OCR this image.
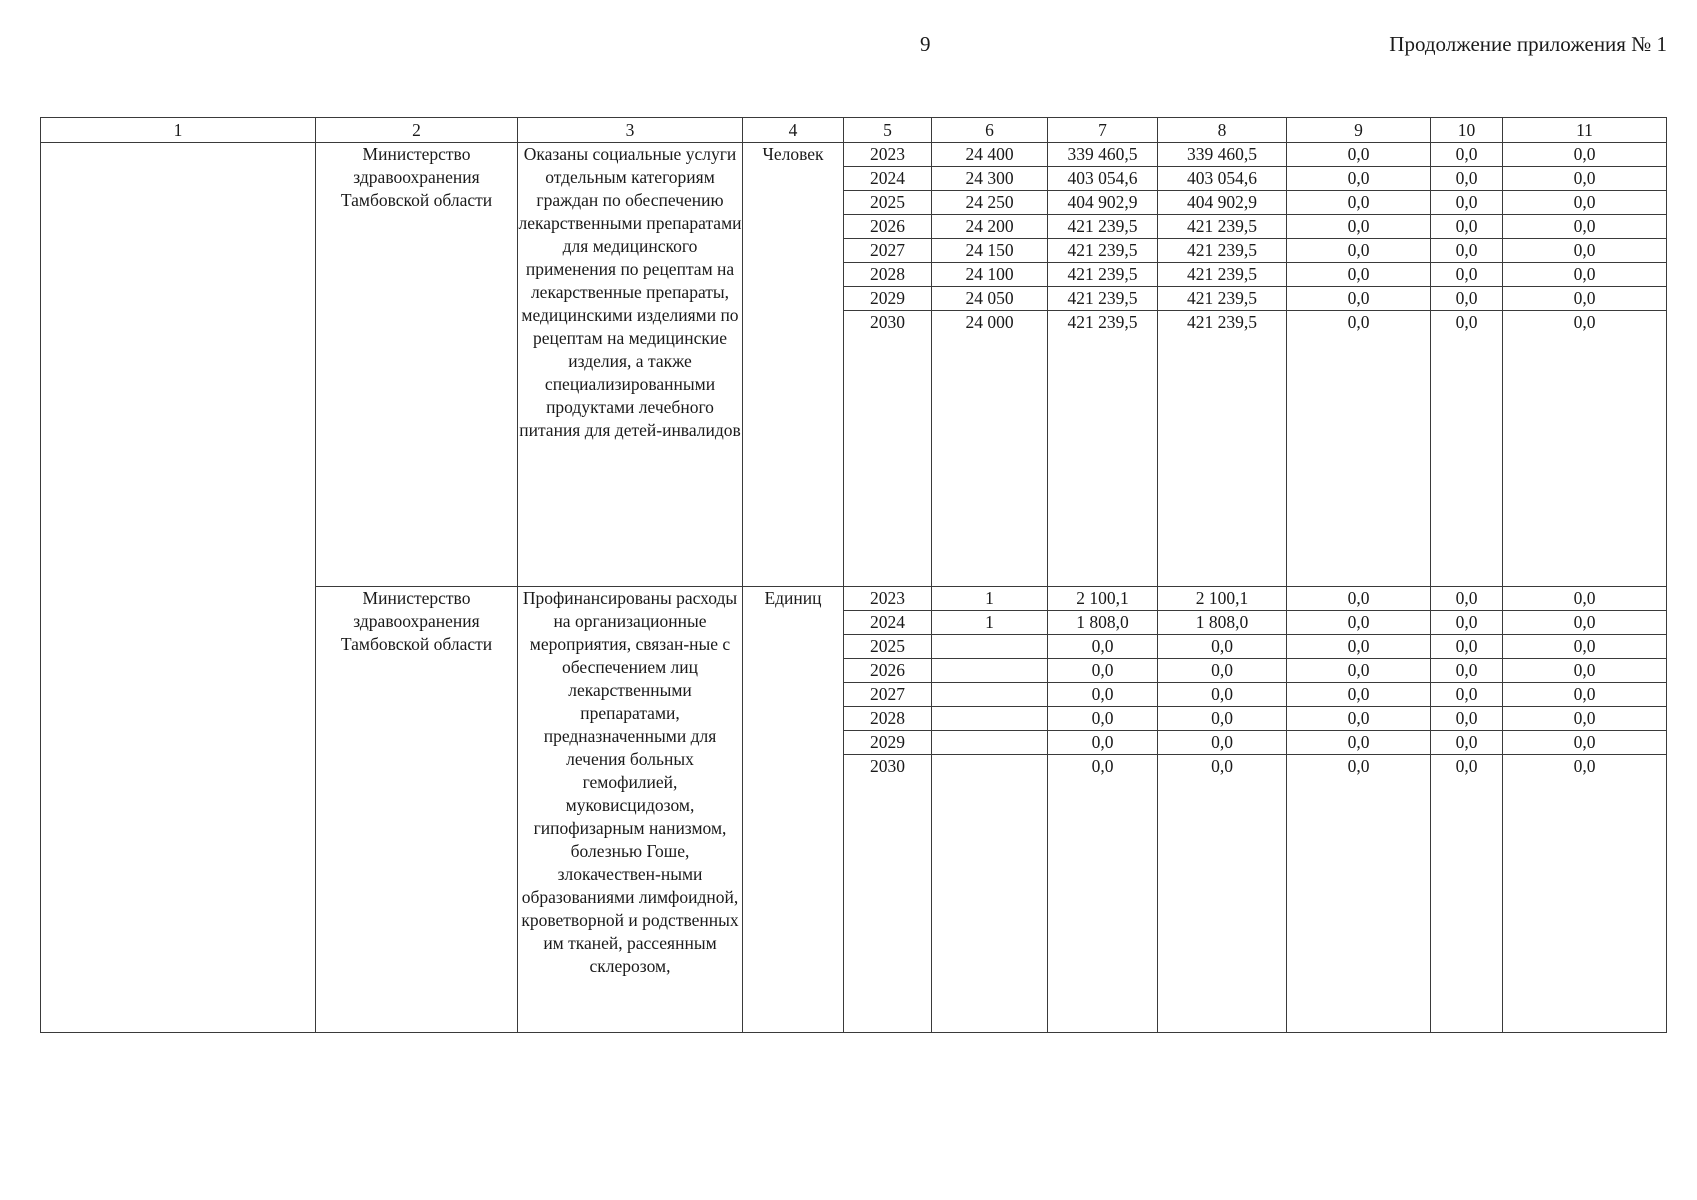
9	Продолжение приложения № 1
1	2	3	4	5	6	7	8	9	10	11
	Министерство здравоохранения Тамбовской области	Оказаны социальные услуги отдельным категориям граждан по обеспечению лекарственными препаратами для медицинского применения по рецептам на лекарственные препараты, медицинскими изделиями по рецептам на медицинские изделия, а также специализированными продуктами лечебного питания для детей-инвалидов	Человек	2023	24 400	339 460,5	339 460,5	0,0	0,0	0,0
				2024	24 300	403 054,6	403 054,6	0,0	0,0	0,0
				2025	24 250	404 902,9	404 902,9	0,0	0,0	0,0
				2026	24 200	421 239,5	421 239,5	0,0	0,0	0,0
				2027	24 150	421 239,5	421 239,5	0,0	0,0	0,0
				2028	24 100	421 239,5	421 239,5	0,0	0,0	0,0
				2029	24 050	421 239,5	421 239,5	0,0	0,0	0,0
				2030	24 000	421 239,5	421 239,5	0,0	0,0	0,0
	Министерство здравоохранения Тамбовской области	Профинансированы расходы на организационные мероприятия, связан-ные с обеспечением лиц лекарственными препаратами, предназначенными для лечения больных гемофилией, муковисцидозом, гипофизарным нанизмом, болезнью Гоше, злокачествен-ными образованиями лимфоидной, кроветворной и родственных им тканей, рассеянным склерозом,	Единиц	2023	1	2 100,1	2 100,1	0,0	0,0	0,0
				2024	1	1 808,0	1 808,0	0,0	0,0	0,0
				2025		0,0	0,0	0,0	0,0	0,0
				2026		0,0	0,0	0,0	0,0	0,0
				2027		0,0	0,0	0,0	0,0	0,0
				2028		0,0	0,0	0,0	0,0	0,0
				2029		0,0	0,0	0,0	0,0	0,0
				2030		0,0	0,0	0,0	0,0	0,0
